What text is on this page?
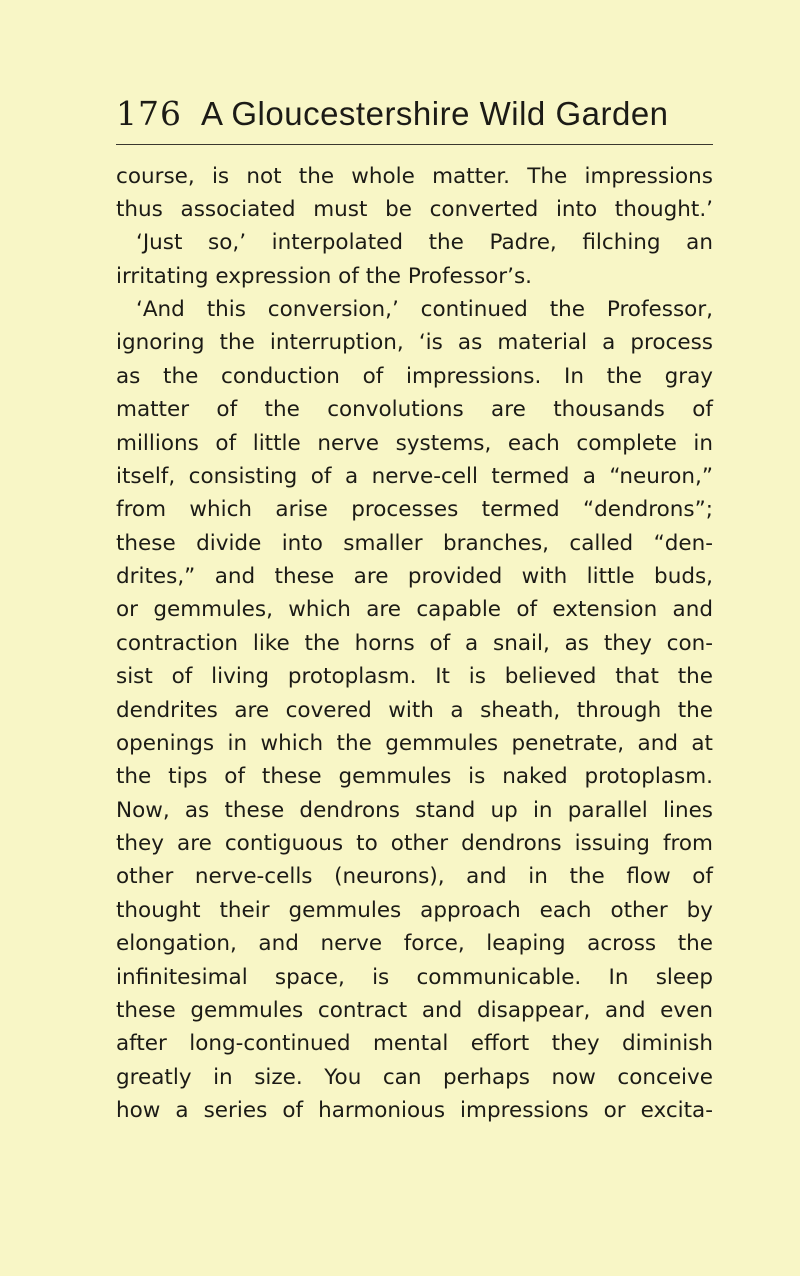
176 A Gloucestershire Wild Garden
course, is not the whole matter. The impressions
thus associated must be converted into thought.’
‘Just so,’ interpolated the Padre, filching an
irritating expression of the Professor’s.
‘And this conversion,’ continued the Professor,
ignoring the interruption, ‘is as material a process
as the conduction of impressions. In the gray
matter of the convolutions are thousands of
millions of little nerve systems, each complete in
itself, consisting of a nerve-cell termed a “neuron,”
from which arise processes termed “dendrons”;
these divide into smaller branches, called “den-
drites,” and these are provided with little buds,
or gemmules, which are capable of extension and
contraction like the horns of a snail, as they con-
sist of living protoplasm. It is believed that the
dendrites are covered with a sheath, through the
openings in which the gemmules penetrate, and at
the tips of these gemmules is naked protoplasm.
Now, as these dendrons stand up in parallel lines
they are contiguous to other dendrons issuing from
other nerve-cells (neurons), and in the flow of
thought their gemmules approach each other by
elongation, and nerve force, leaping across the
infinitesimal space, is communicable. In sleep
these gemmules contract and disappear, and even
after long-continued mental effort they diminish
greatly in size. You can perhaps now conceive
how a series of harmonious impressions or excita-
